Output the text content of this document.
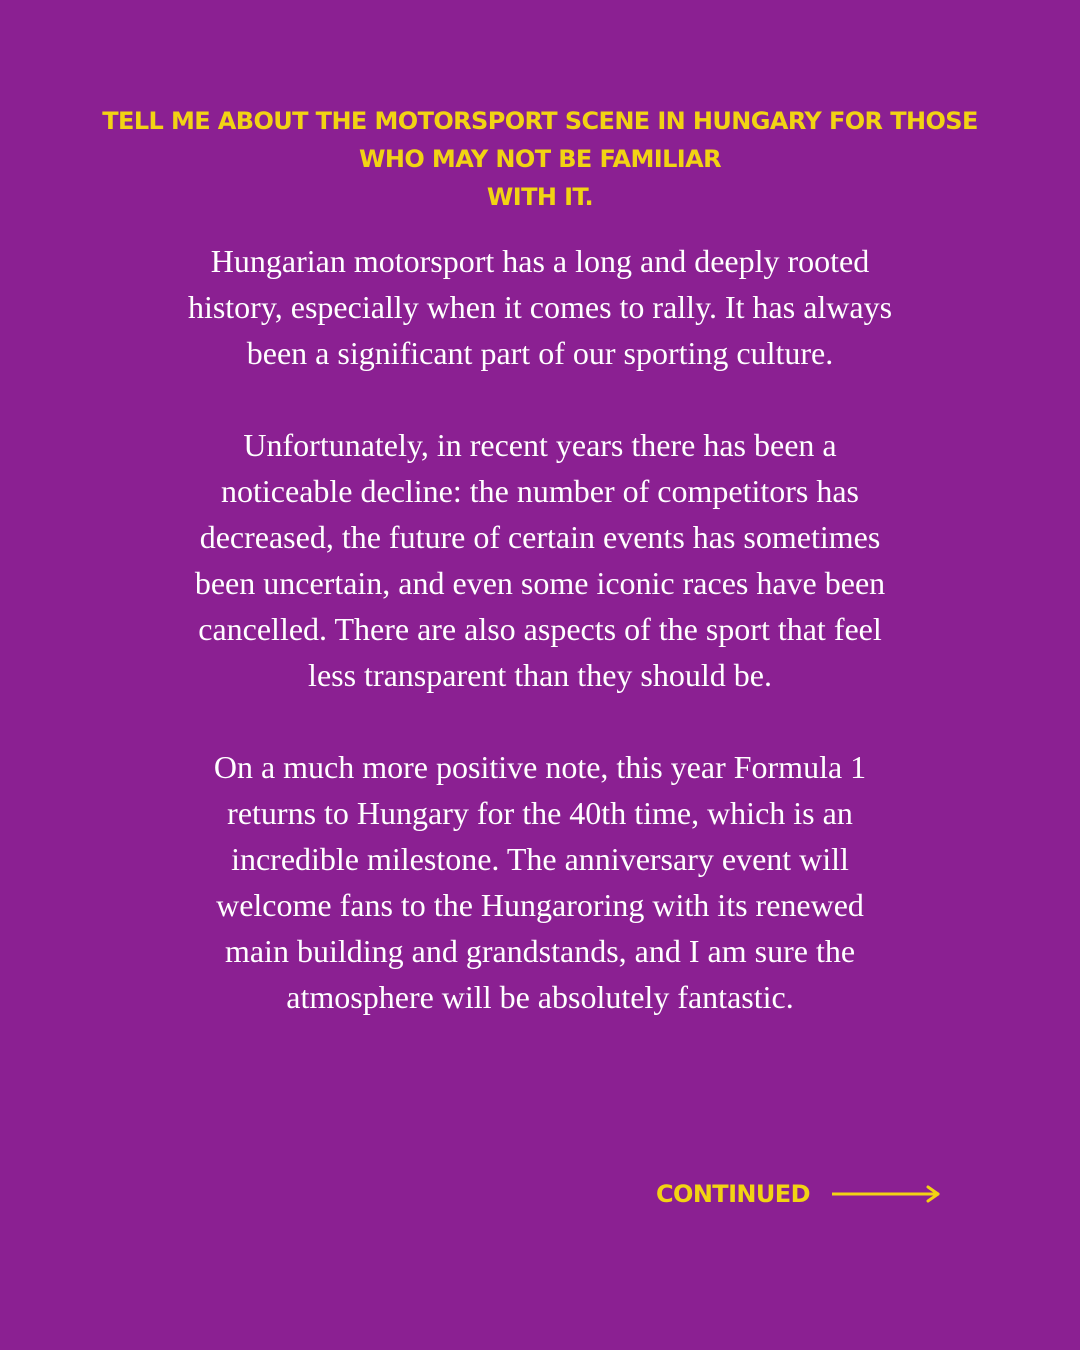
TELL ME ABOUT THE MOTORSPORT SCENE IN HUNGARY FOR THOSE
WHO MAY NOT BE FAMILIAR
WITH IT.

Hungarian motorsport has a long and deeply rooted
history, especially when it comes to rally. It has always
been a significant part of our sporting culture.

Unfortunately, in recent years there has been a
noticeable decline: the number of competitors has
decreased, the future of certain events has sometimes
been uncertain, and even some iconic races have been
cancelled. There are also aspects of the sport that feel
less transparent than they should be.

On a much more positive note, this year Formula 1
returns to Hungary for the 40th time, which is an
incredible milestone. The anniversary event will
welcome fans to the Hungaroring with its renewed
main building and grandstands, and I am sure the
atmosphere will be absolutely fantastic.

CONTINUED
